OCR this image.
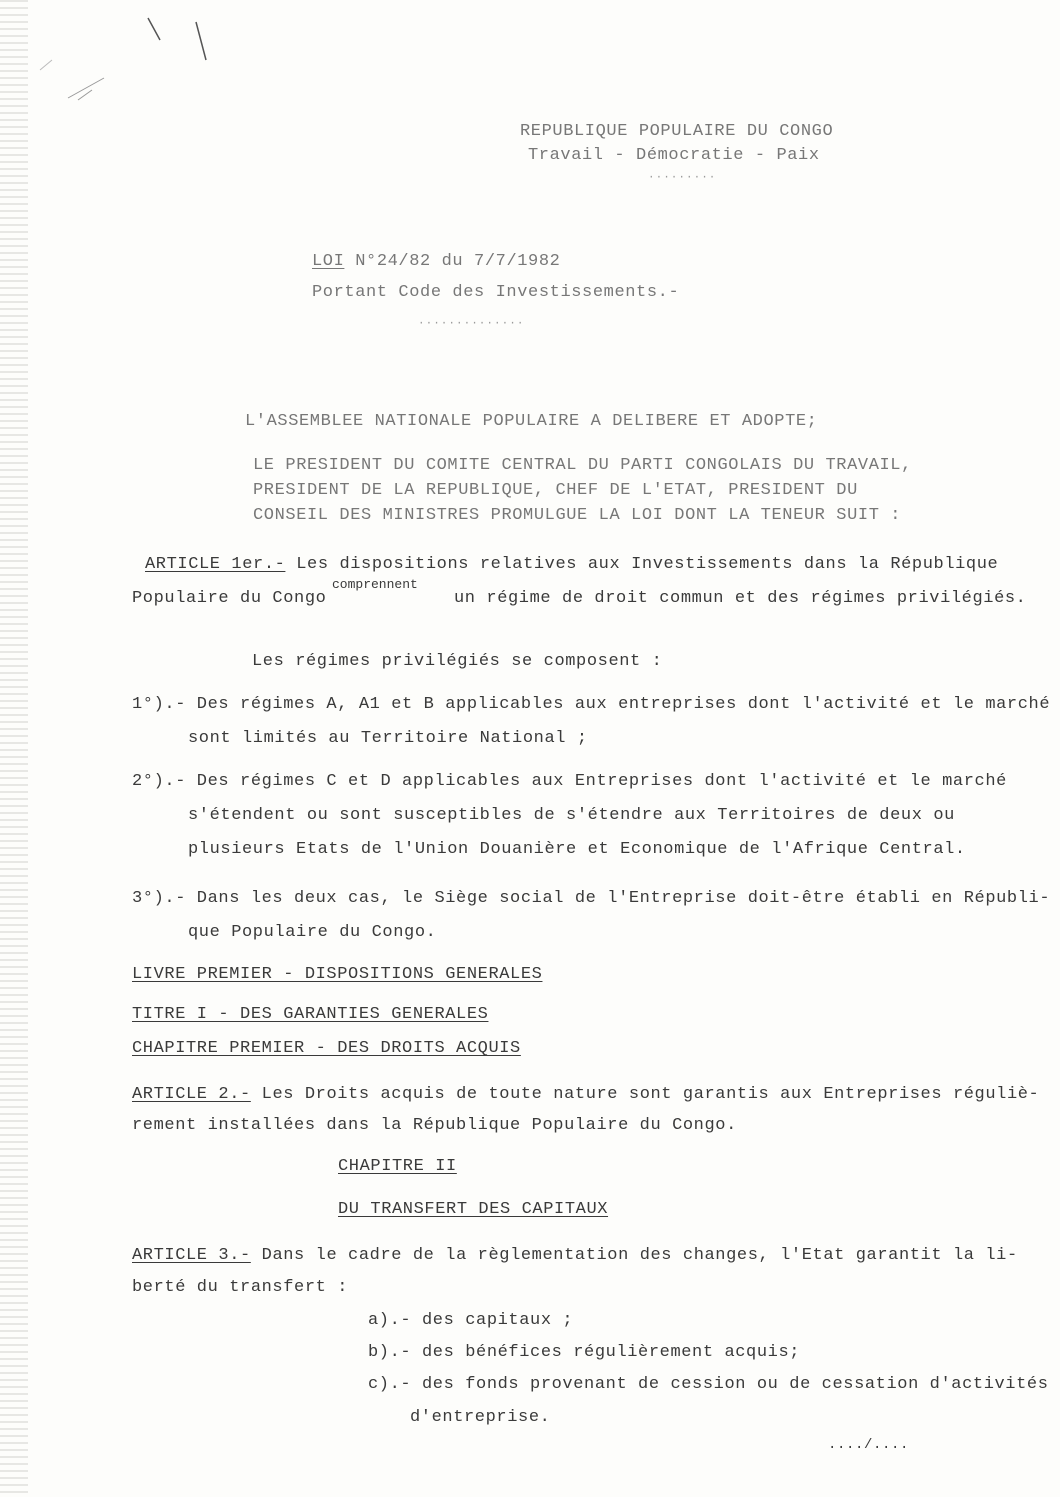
REPUBLIQUE POPULAIRE DU CONGO
Travail - Démocratie - Paix
·········
LOI N°24/82 du 7/7/1982
Portant Code des Investissements.-
··············
L'ASSEMBLEE NATIONALE POPULAIRE A DELIBERE ET ADOPTE;
LE PRESIDENT DU COMITE CENTRAL DU PARTI CONGOLAIS DU TRAVAIL,
PRESIDENT DE LA REPUBLIQUE, CHEF DE L'ETAT, PRESIDENT DU
CONSEIL DES MINISTRES PROMULGUE LA LOI DONT LA TENEUR SUIT :
ARTICLE 1er.- Les dispositions relatives aux Investissements dans la République
comprennent
Populaire du Congo	un régime de droit commun et des régimes privilégiés.
Les régimes privilégiés se composent :
1°).- Des régimes A, A1 et B applicables aux entreprises dont l'activité et le marché
sont limités au Territoire National ;
2°).- Des régimes C et D applicables aux Entreprises dont l'activité et le marché
s'étendent ou sont susceptibles de s'étendre aux Territoires de deux ou
plusieurs Etats de l'Union Douanière et Economique de l'Afrique Central.
3°).- Dans les deux cas, le Siège social de l'Entreprise doit-être établi en Républi-
que Populaire du Congo.
LIVRE PREMIER - DISPOSITIONS GENERALES
TITRE I - DES GARANTIES GENERALES
CHAPITRE PREMIER - DES DROITS ACQUIS
ARTICLE 2.- Les Droits acquis de toute nature sont garantis aux Entreprises réguliè-
rement installées dans la République Populaire du Congo.
CHAPITRE II
DU TRANSFERT DES CAPITAUX
ARTICLE 3.- Dans le cadre de la règlementation des changes, l'Etat garantit la li-
berté du transfert :
a).- des capitaux ;
b).- des bénéfices régulièrement acquis;
c).- des fonds provenant de cession ou de cessation d'activités
d'entreprise.
..../....
